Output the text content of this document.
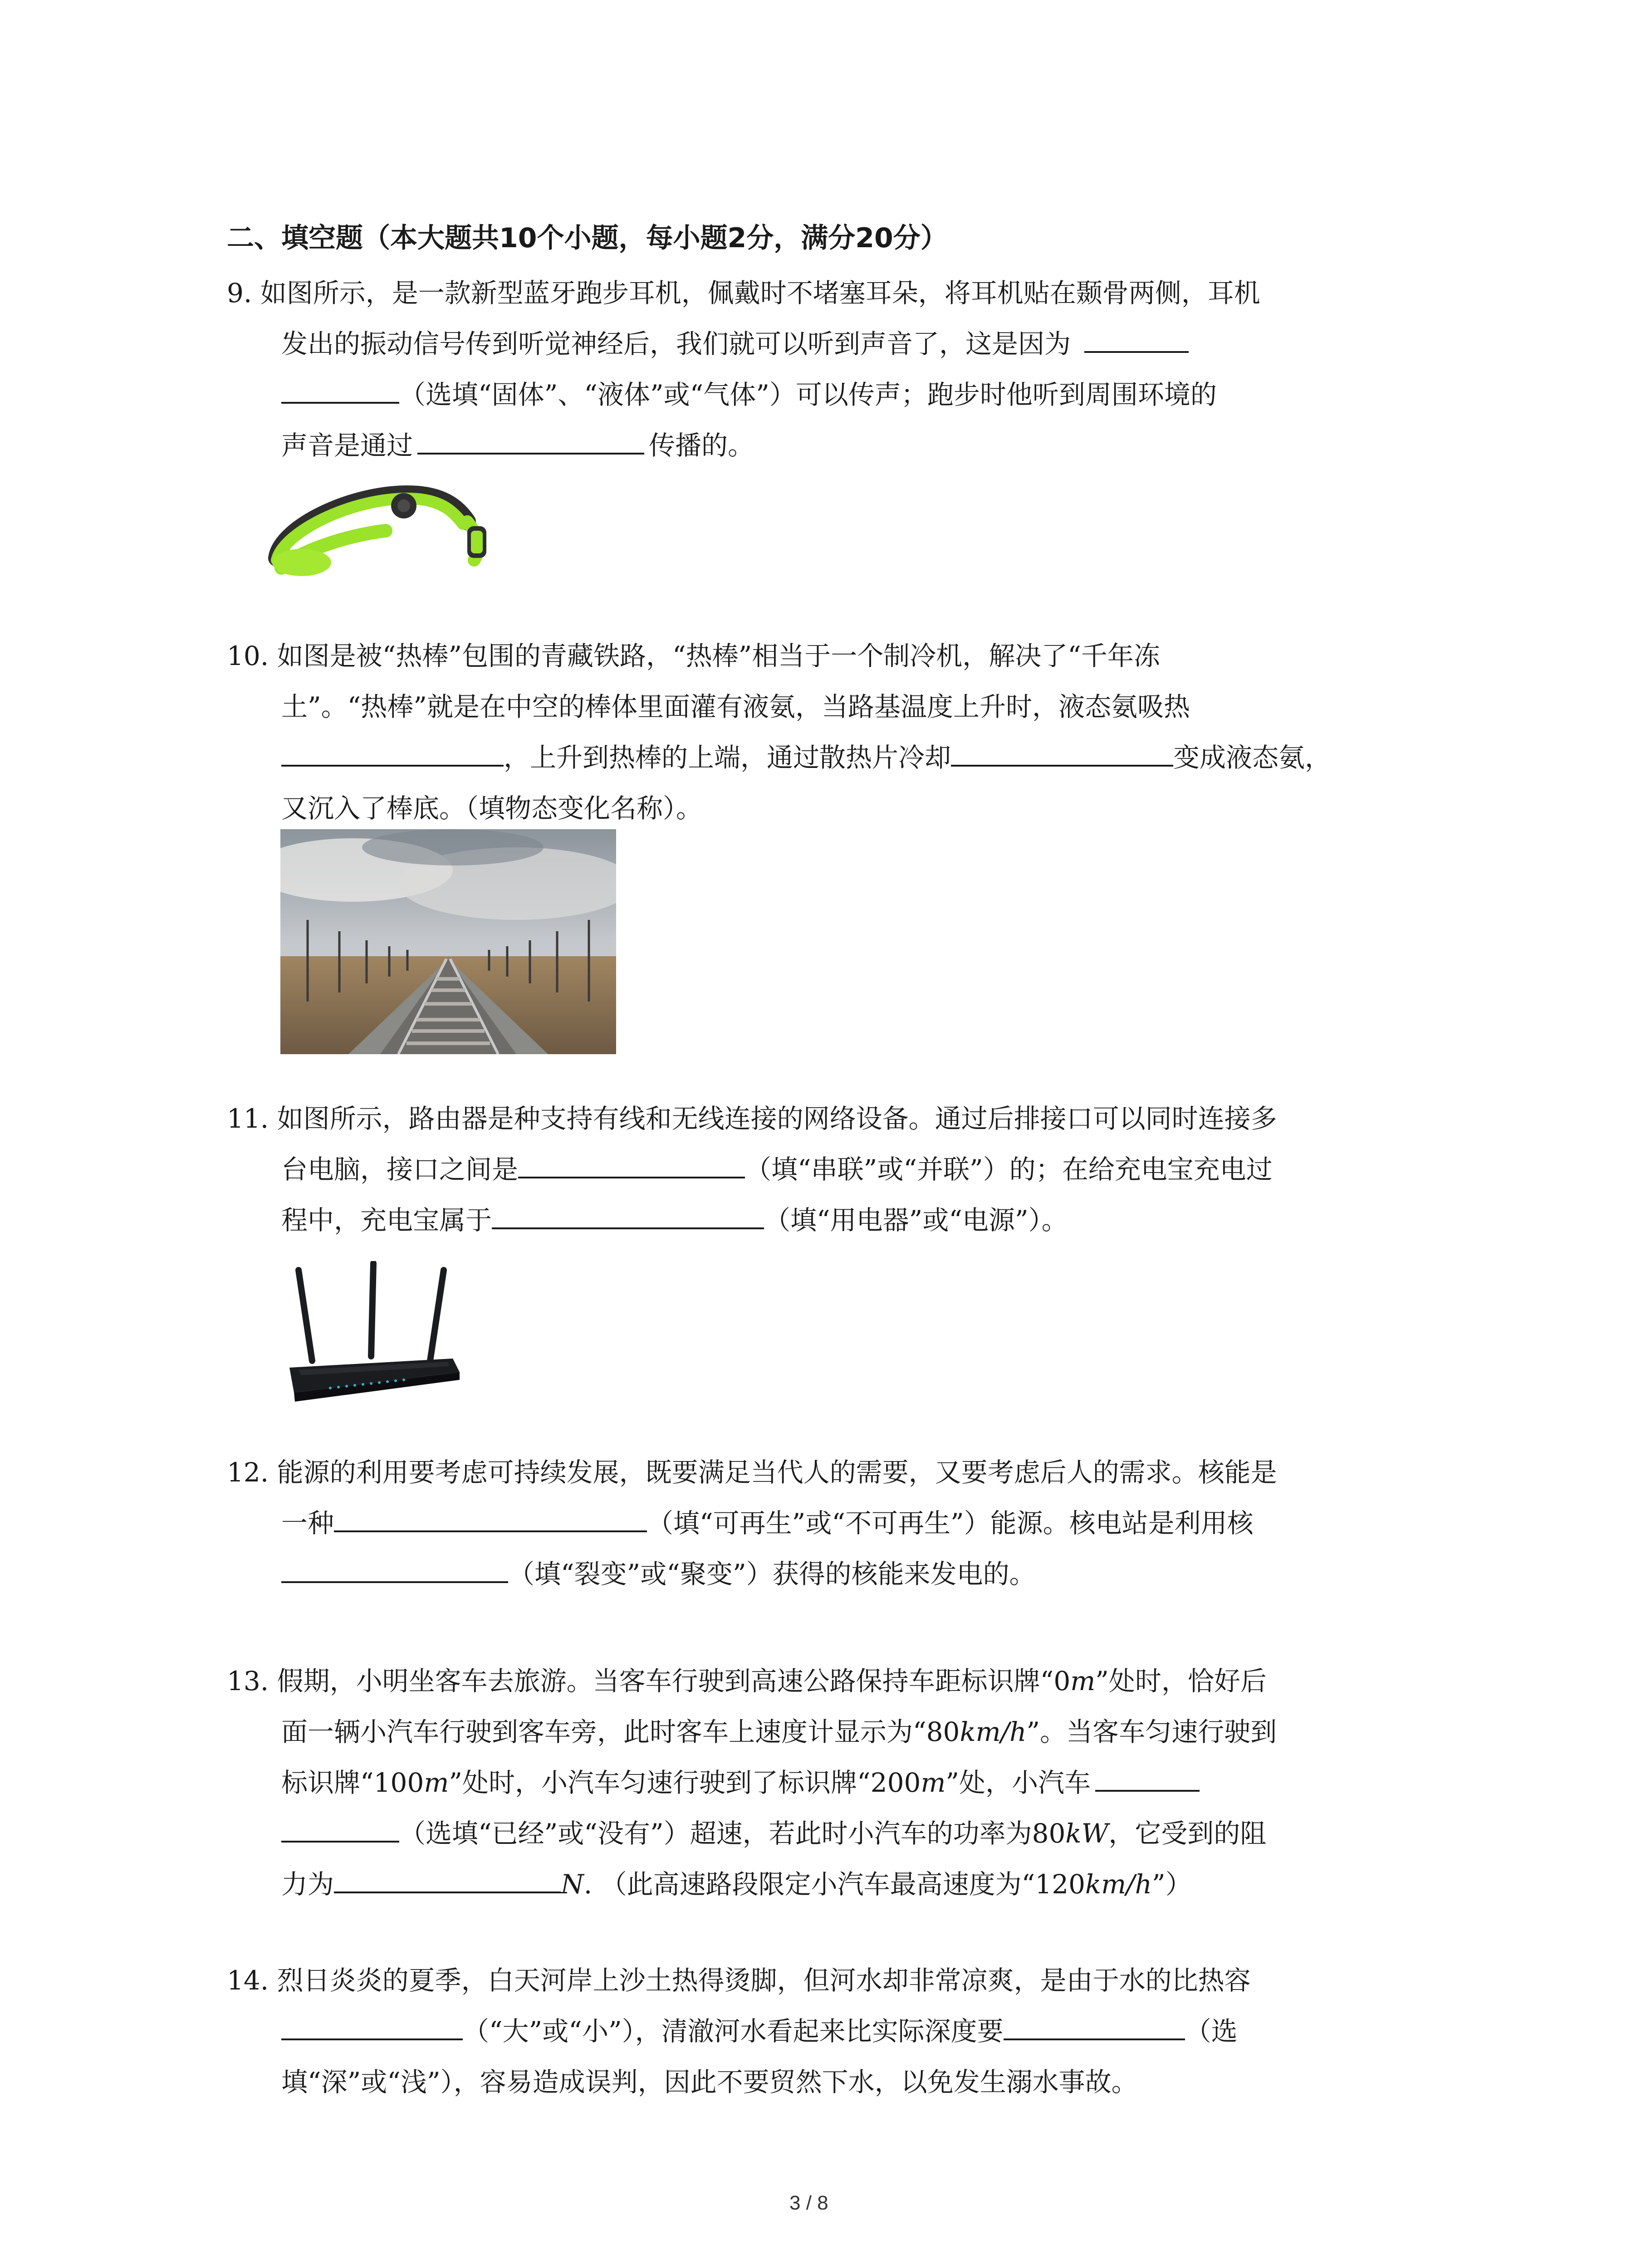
二、填空题（本大题共10个小题，每小题2分，满分20分）
9. 如图所示，是一款新型蓝牙跑步耳机，佩戴时不堵塞耳朵，将耳机贴在颞骨两侧，耳机
发出的振动信号传到听觉神经后，我们就可以听到声音了，这是因为
（选填“固体”、“液体”或“气体”）可以传声；跑步时他听到周围环境的
声音是通过	传播的。
10. 如图是被“热棒”包围的青藏铁路，“热棒”相当于一个制冷机，解决了“千年冻
土”。“热棒”就是在中空的棒体里面灌有液氨，当路基温度上升时，液态氨吸热
，上升到热棒的上端，通过散热片冷却	变成液态氨，
又沉入了棒底。（填物态变化名称）。
11. 如图所示，路由器是种支持有线和无线连接的网络设备。通过后排接口可以同时连接多
台电脑，接口之间是	（填“串联”或“并联”）的；在给充电宝充电过
程中，充电宝属于	（填“用电器”或“电源”）。
12. 能源的利用要考虑可持续发展，既要满足当代人的需要，又要考虑后人的需求。核能是
一种	（填“可再生”或“不可再生”）能源。核电站是利用核
（填“裂变”或“聚变”）获得的核能来发电的。
13. 假期，小明坐客车去旅游。当客车行驶到高速公路保持车距标识牌“0m”处时，恰好后
面一辆小汽车行驶到客车旁，此时客车上速度计显示为“80km/h”。当客车匀速行驶到
标识牌“100m”处时，小汽车匀速行驶到了标识牌“200m”处，小汽车
（选填“已经”或“没有”）超速，若此时小汽车的功率为80kW，它受到的阻
力为	N. （此高速路段限定小汽车最高速度为“120km/h”）
14. 烈日炎炎的夏季，白天河岸上沙土热得烫脚，但河水却非常凉爽，是由于水的比热容
（“大”或“小”），清澈河水看起来比实际深度要	（选
填“深”或“浅”），容易造成误判，因此不要贸然下水，以免发生溺水事故。
3 / 8
